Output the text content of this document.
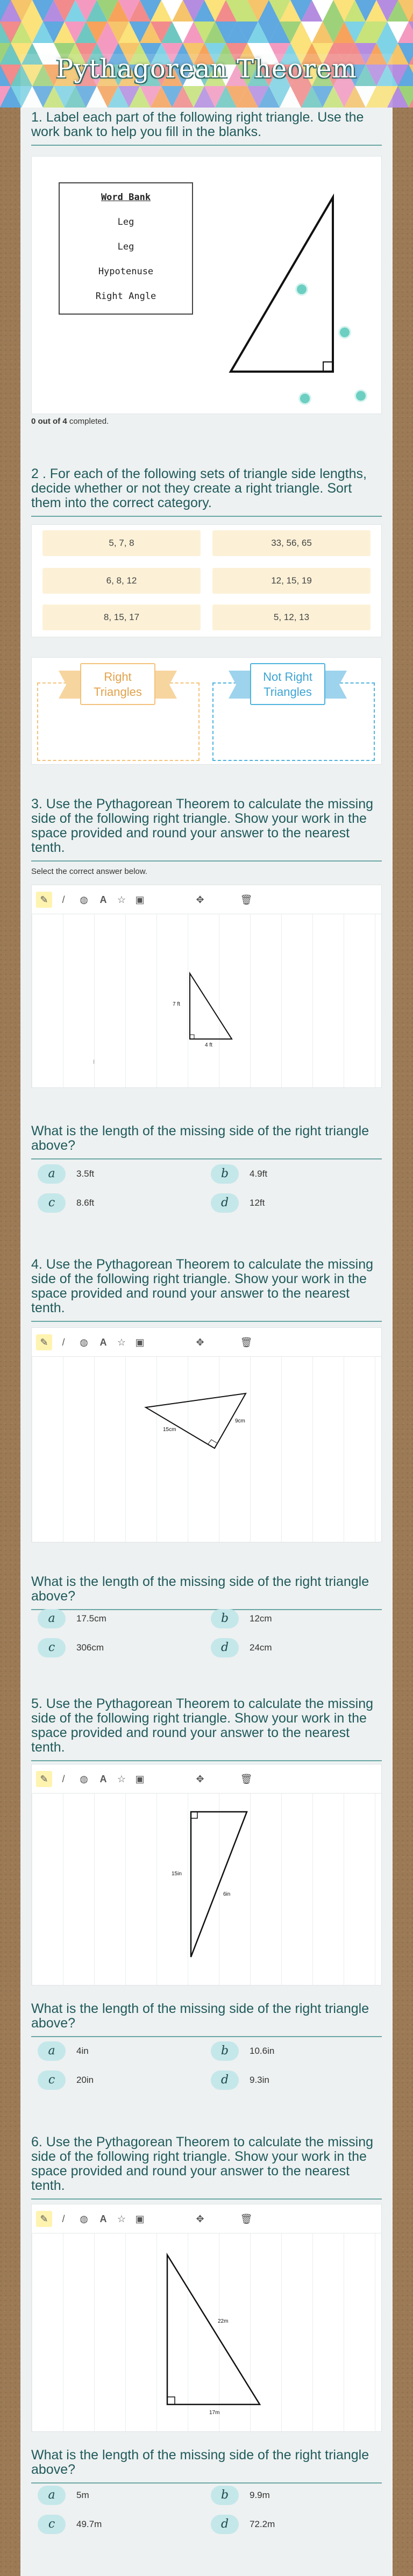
Pythagorean Theorem
1. Label each part of the following right triangle. Use the work bank to help you fill in the blanks.
Word Bank
Leg
Leg
Hypotenuse
Right Angle
0 out of 4 completed.
2 . For each of the following sets of triangle side lengths, decide whether or not they create a right triangle. Sort them into the correct category.
5, 7, 8	33, 56, 65
6, 8, 12	12, 15, 19
8, 15, 17	5, 12, 13
Right Triangles
Not Right Triangles
3. Use the Pythagorean Theorem to calculate the missing side of the following right triangle. Show your work in the space provided and round your answer to the nearest tenth.
Select the correct answer below.
✎	/	◍	A	☆ ▣	✥	🗑
7 ft
4 ft
I
What is the length of the missing side of the right triangle above?
a	3.5ft	b	4.9ft
c	8.6ft	d	12ft
4. Use the Pythagorean Theorem to calculate the missing side of the following right triangle. Show your work in the space provided and round your answer to the nearest tenth.
✎	/	◍	A	☆ ▣	✥	🗑
15cm
9cm
What is the length of the missing side of the right triangle above?
a	17.5cm	b	12cm
c	306cm	d	24cm
5. Use the Pythagorean Theorem to calculate the missing side of the following right triangle. Show your work in the space provided and round your answer to the nearest tenth.
✎	/	◍	A	☆ ▣	✥	🗑
15in
6in
What is the length of the missing side of the right triangle above?
a	4in	b	10.6in
c	20in	d	9.3in
6. Use the Pythagorean Theorem to calculate the missing side of the following right triangle. Show your work in the space provided and round your answer to the nearest tenth.
✎	/	◍	A	☆ ▣	✥	🗑
22m
17m
What is the length of the missing side of the right triangle above?
a	5m	b	9.9m
c	49.7m	d	72.2m
